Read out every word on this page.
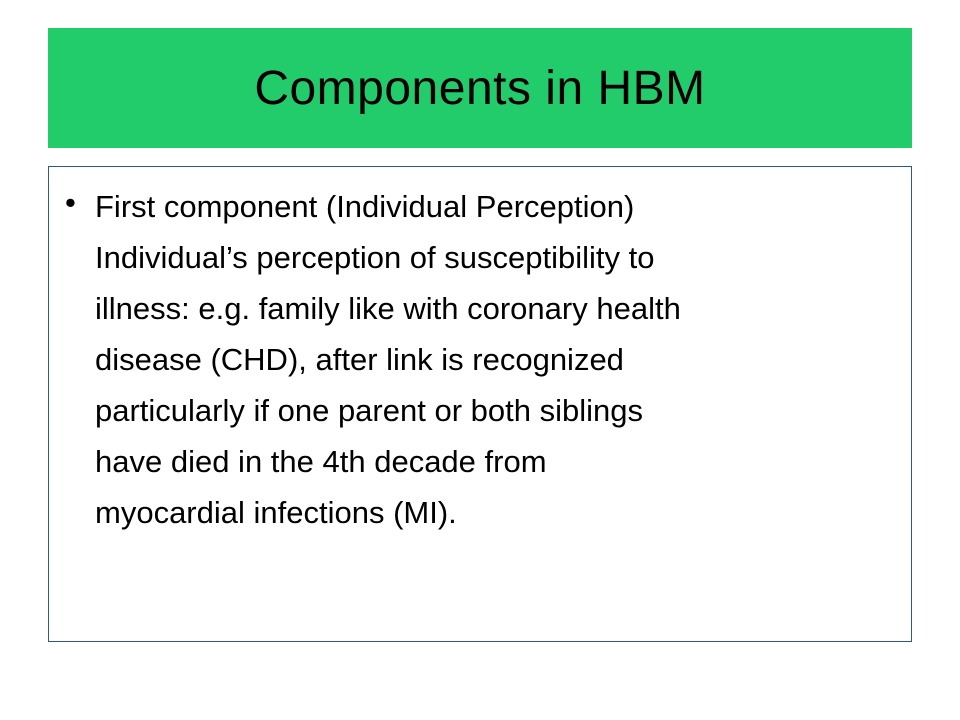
Components in HBM
• First component (Individual Perception)
Individual’s perception of susceptibility to
illness: e.g. family like with coronary health
disease (CHD), after link is recognized
particularly if one parent or both siblings
have died in the 4th decade from
myocardial infections (MI).
